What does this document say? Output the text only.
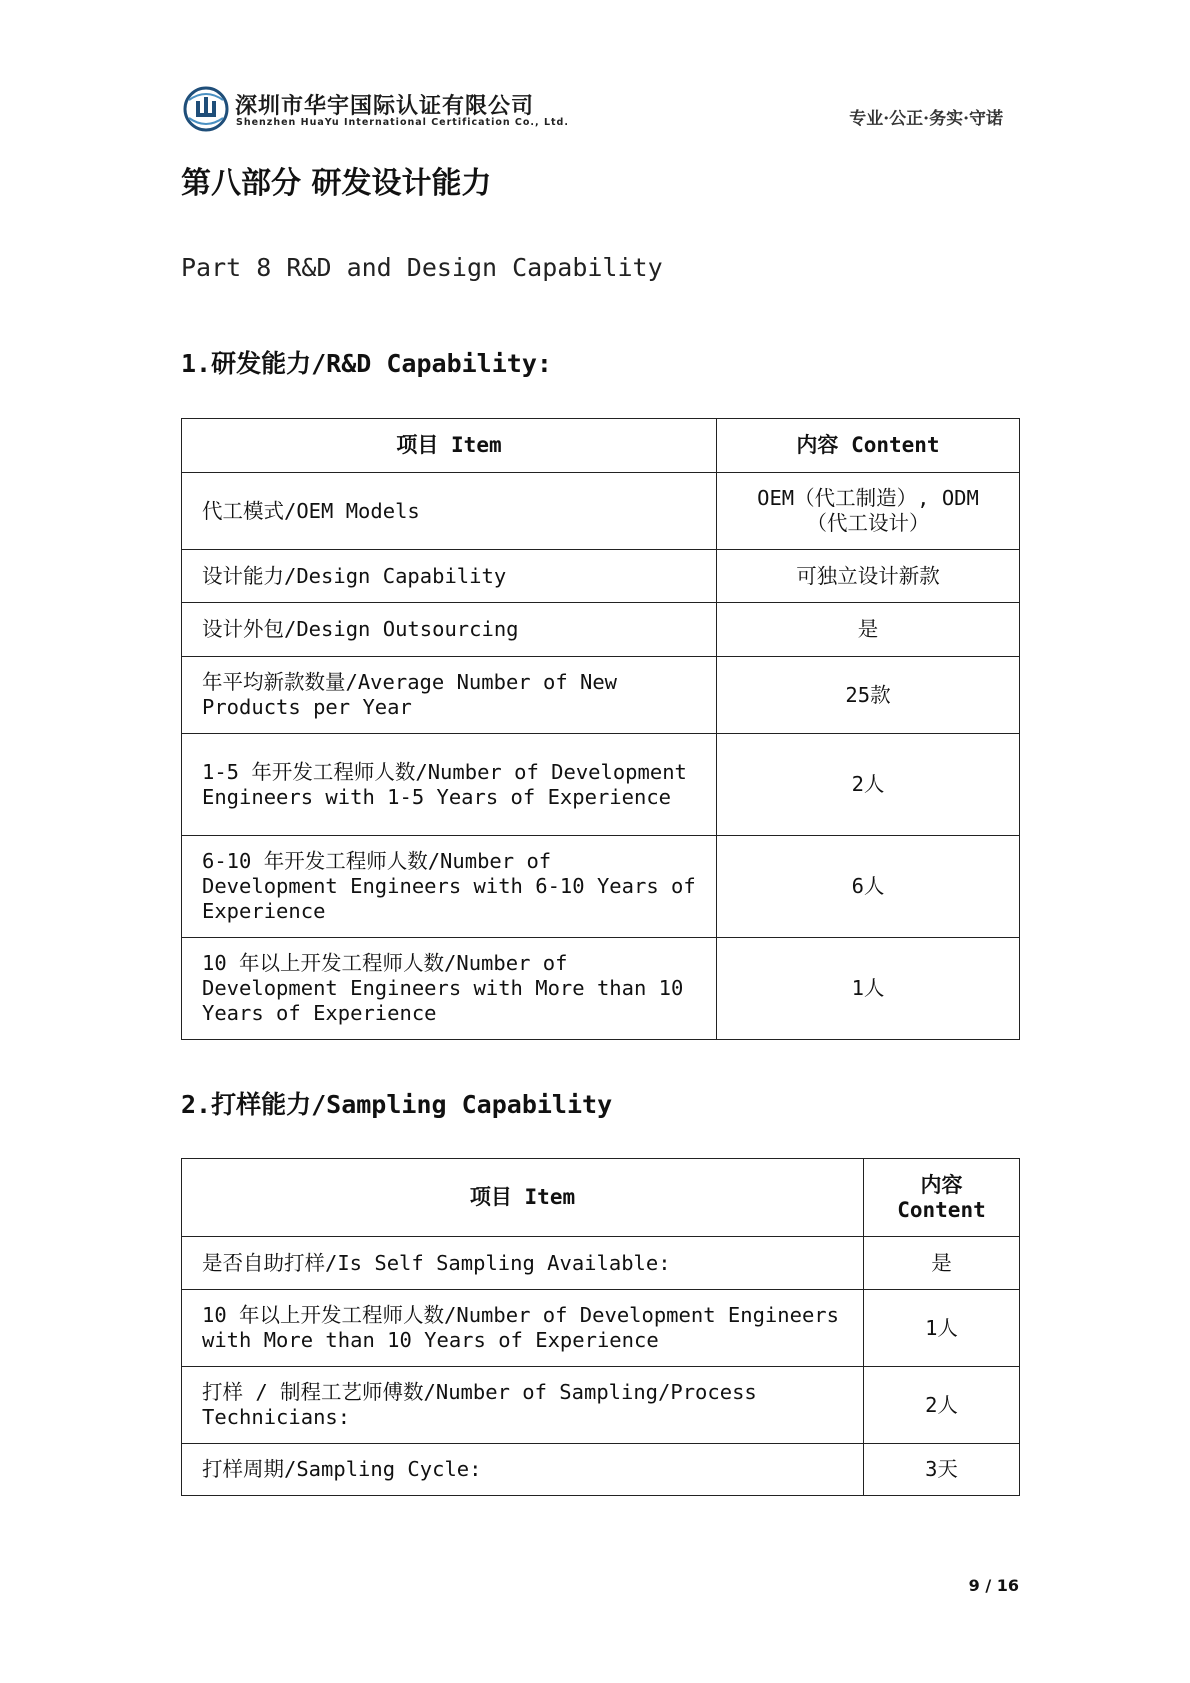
深圳市华宇国际认证有限公司
Shenzhen HuaYu International Certification Co., Ltd.	专业·公正·务实·守诺
第八部分 研发设计能力
Part 8 R&D and Design Capability
1.研发能力/R&D Capability:
项目 Item	内容 Content
代工模式/OEM Models	OEM（代工制造）, ODM（代工设计）
设计能力/Design Capability	可独立设计新款
设计外包/Design Outsourcing	是
年平均新款数量/Average Number of New Products per Year	25款
1-5 年开发工程师人数/Number of Development Engineers with 1-5 Years of Experience	2人
6-10 年开发工程师人数/Number of Development Engineers with 6-10 Years of Experience	6人
10 年以上开发工程师人数/Number of Development Engineers with More than 10 Years of Experience	1人
2.打样能力/Sampling Capability
项目 Item	内容 Content
是否自助打样/Is Self Sampling Available:	是
10 年以上开发工程师人数/Number of Development Engineers with More than 10 Years of Experience	1人
打样 / 制程工艺师傅数/Number of Sampling/Process Technicians:	2人
打样周期/Sampling Cycle:	3天
9 / 16
